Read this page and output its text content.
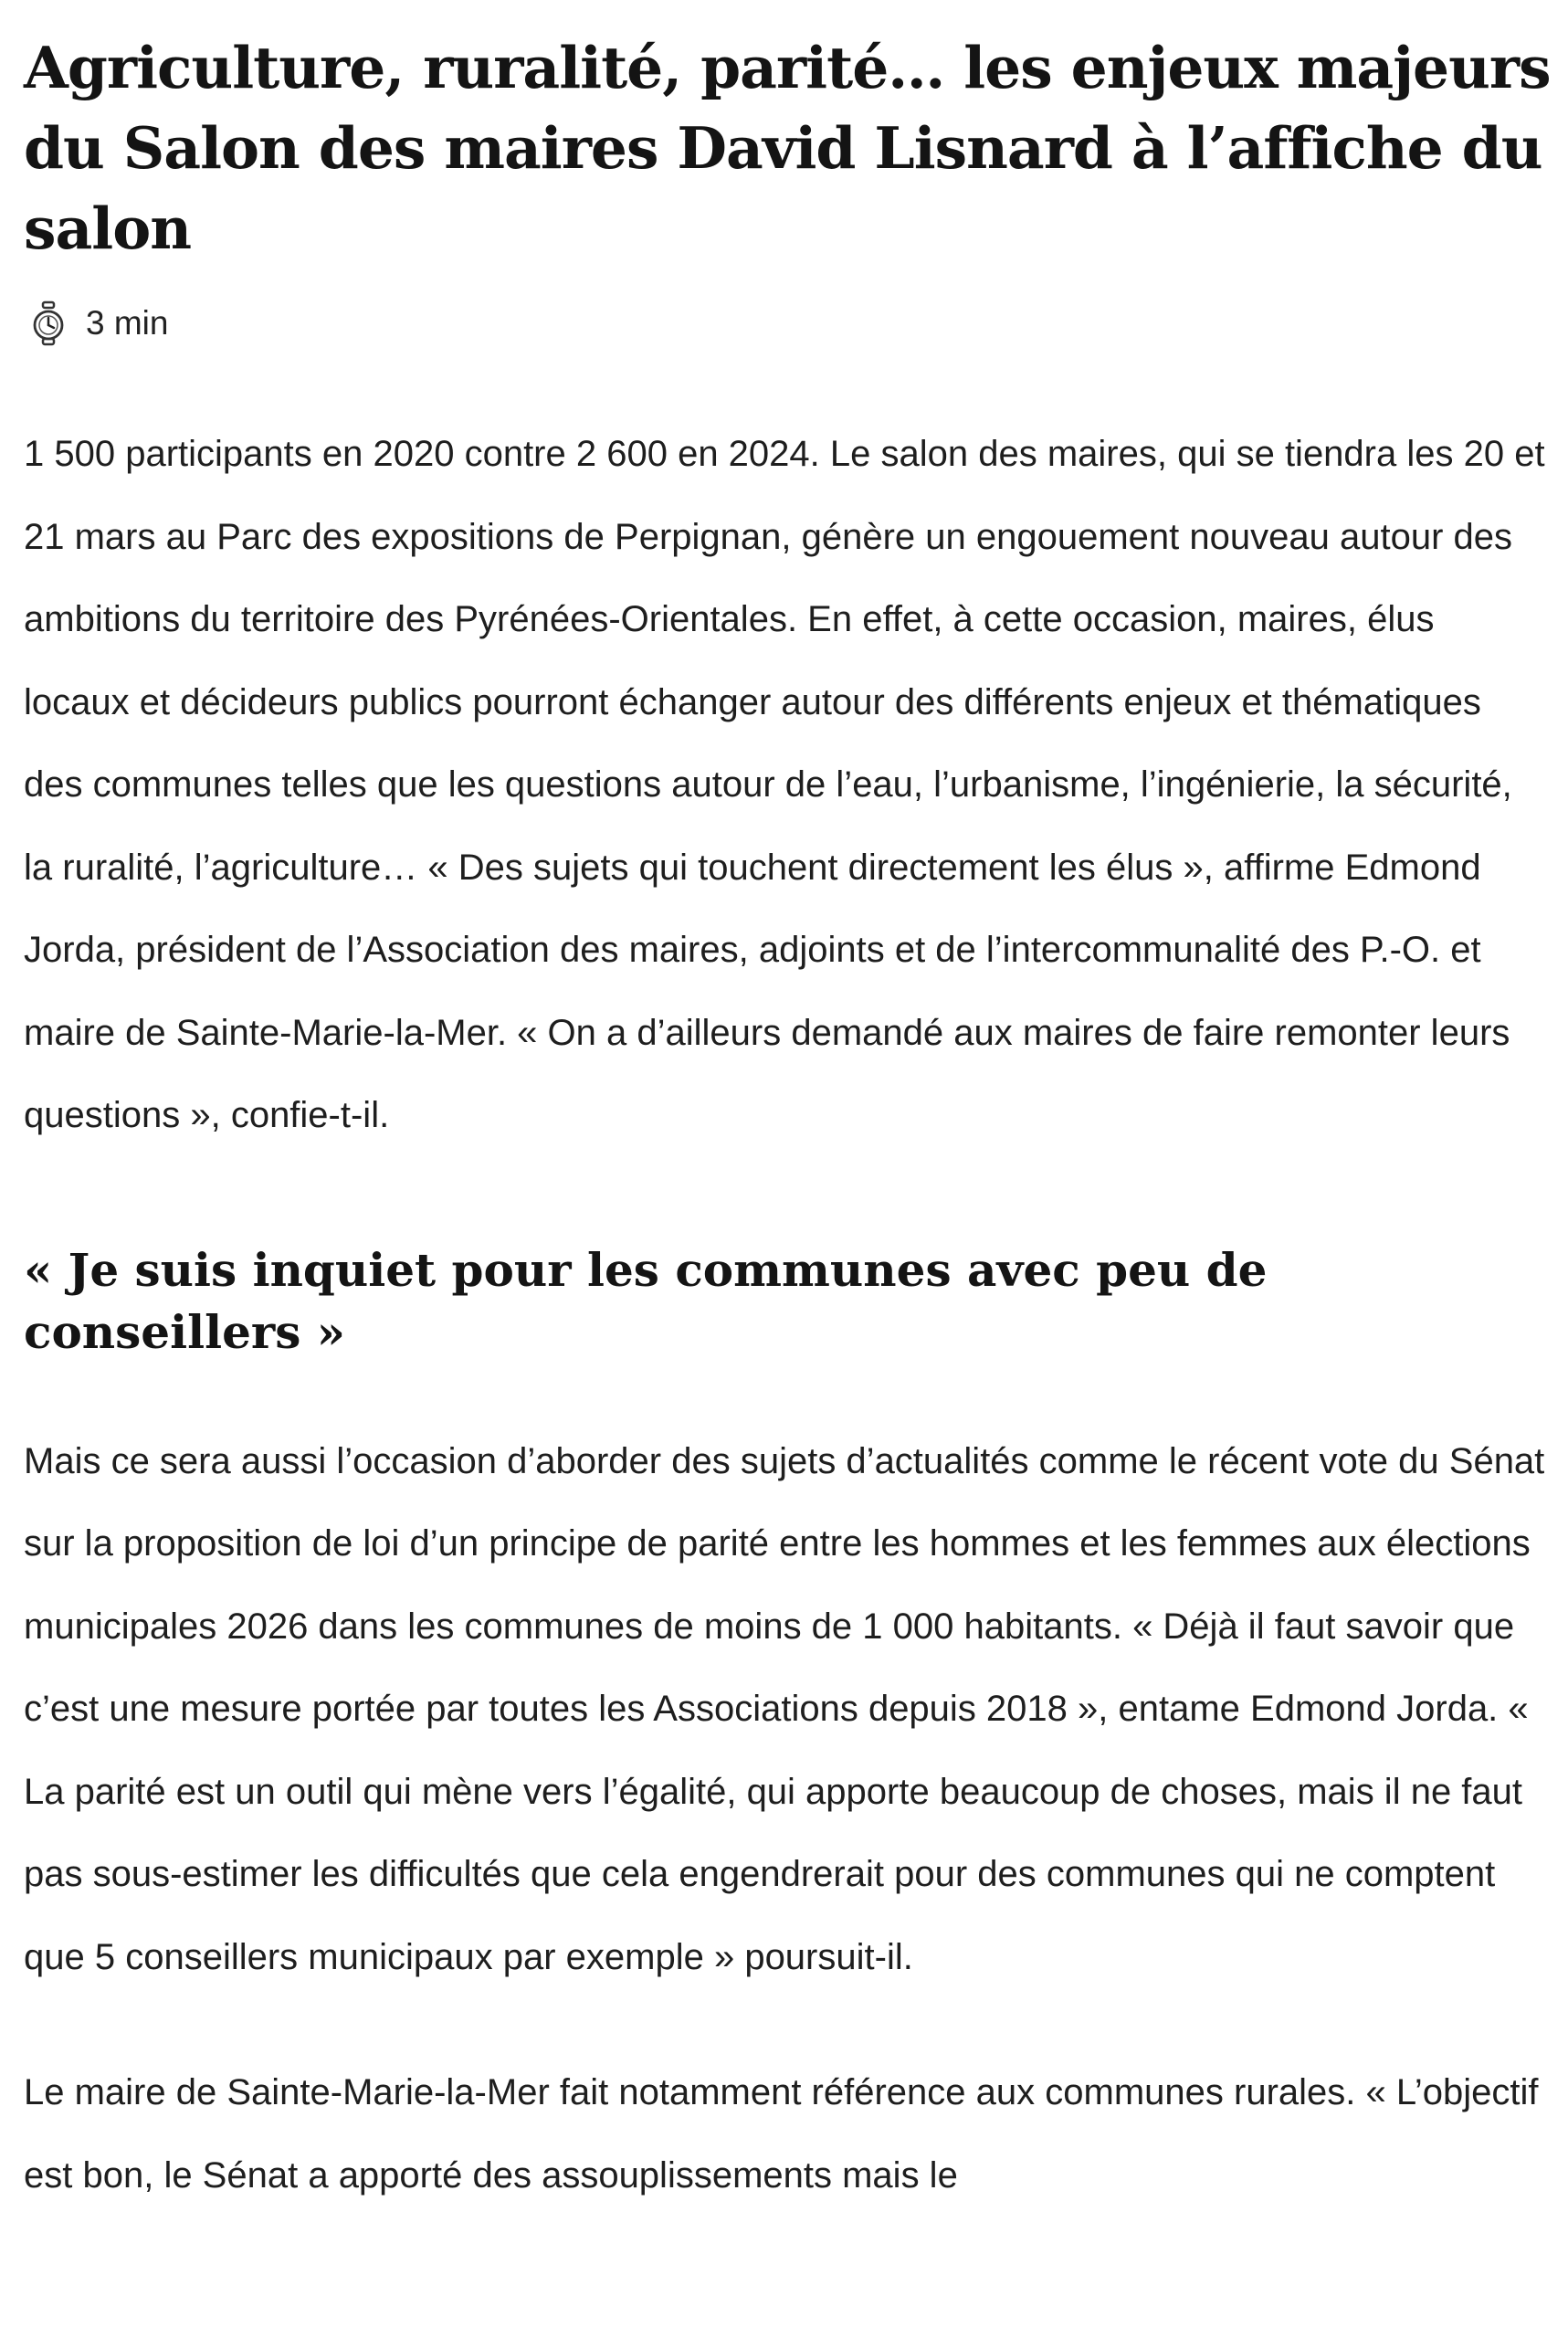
Agriculture, ruralité, parité… les enjeux majeurs du Salon des maires David Lisnard à l’affiche du salon
3 min

1 500 participants en 2020 contre 2 600 en 2024. Le salon des maires, qui se tiendra les 20 et 21 mars au Parc des expositions de Perpignan, génère un engouement nouveau autour des ambitions du territoire des Pyrénées-Orientales. En effet, à cette occasion, maires, élus locaux et décideurs publics pourront échanger autour des différents enjeux et thématiques des communes telles que les questions autour de l’eau, l’urbanisme, l’ingénierie, la sécurité, la ruralité, l’agriculture… « Des sujets qui touchent directement les élus », affirme Edmond Jorda, président de l’Association des maires, adjoints et de l’intercommunalité des P.-O. et maire de Sainte-Marie-la-Mer. « On a d’ailleurs demandé aux maires de faire remonter leurs questions », confie-t-il.

« Je suis inquiet pour les communes avec peu de conseillers »

Mais ce sera aussi l’occasion d’aborder des sujets d’actualités comme le récent vote du Sénat sur la proposition de loi d’un principe de parité entre les hommes et les femmes aux élections municipales 2026 dans les communes de moins de 1 000 habitants. « Déjà il faut savoir que c’est une mesure portée par toutes les Associations depuis 2018 », entame Edmond Jorda. « La parité est un outil qui mène vers l’égalité, qui apporte beaucoup de choses, mais il ne faut pas sous-estimer les difficultés que cela engendrerait pour des communes qui ne comptent que 5 conseillers municipaux par exemple » poursuit-il.

Le maire de Sainte-Marie-la-Mer fait notamment référence aux communes rurales. « L’objectif est bon, le Sénat a apporté des assouplissements mais le
